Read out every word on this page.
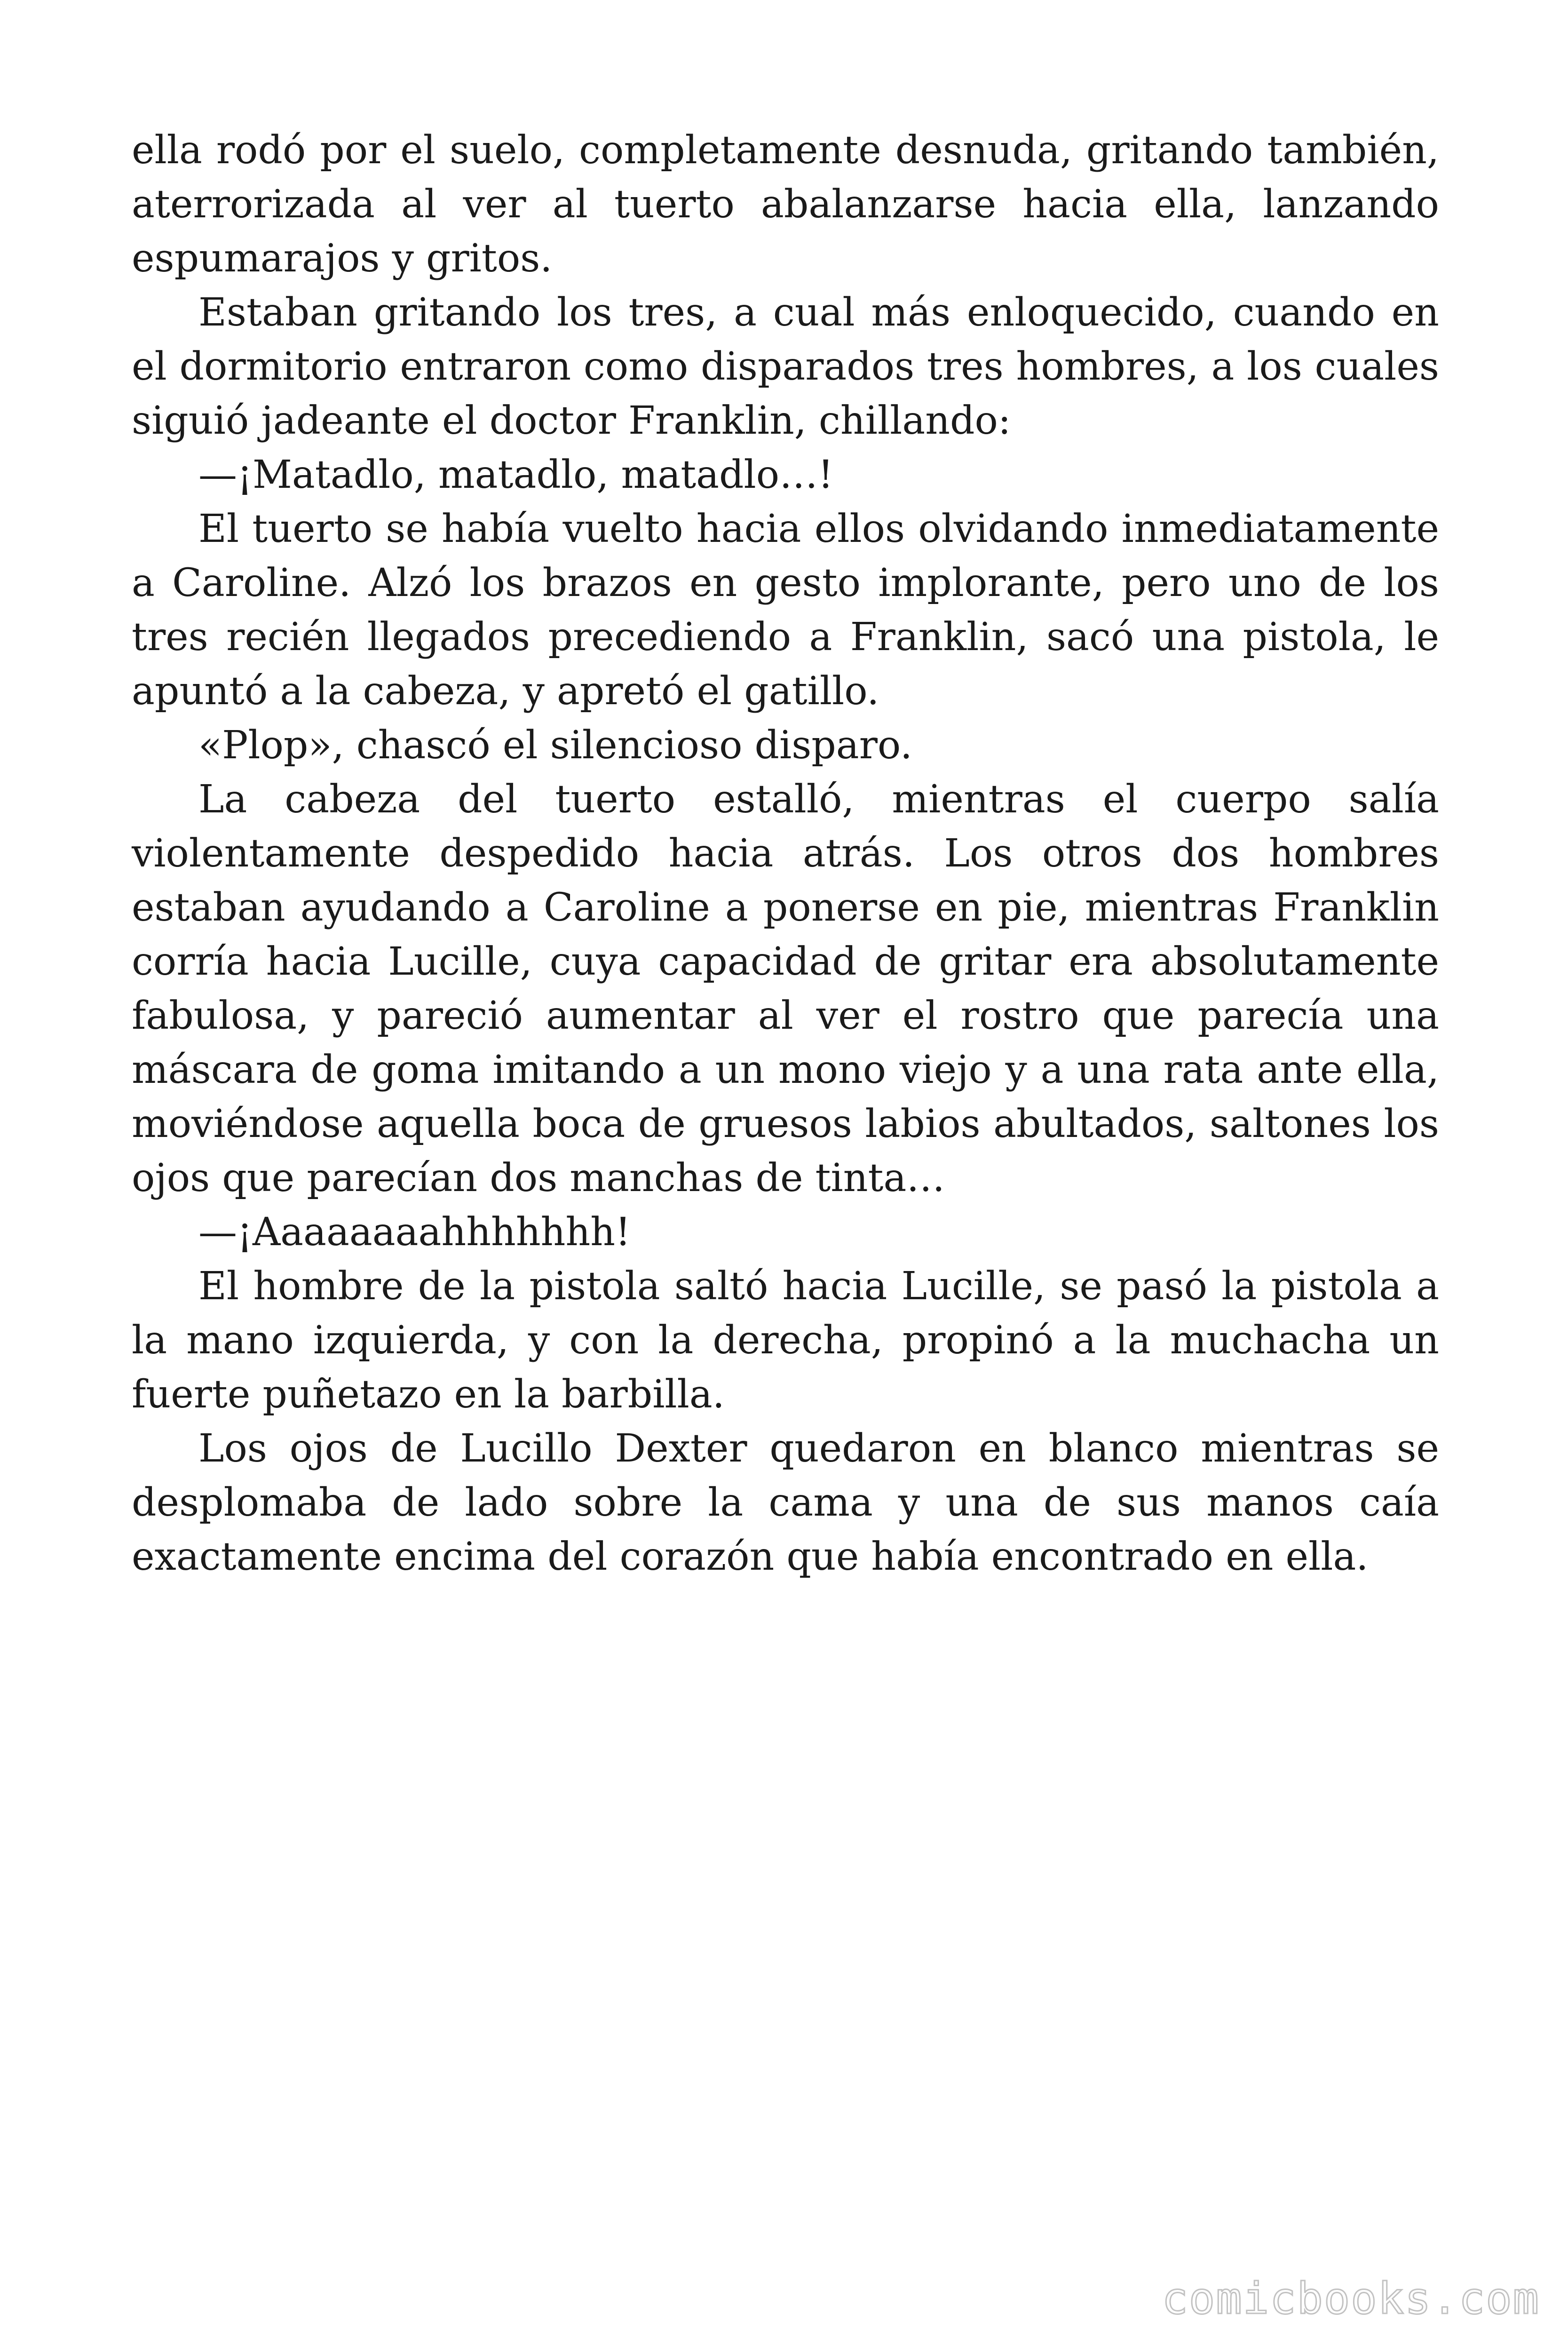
ella rodó por el suelo, completamente desnuda, gritando también, aterrorizada al ver al tuerto abalanzarse hacia ella, lanzando espumarajos y gritos.

Estaban gritando los tres, a cual más enloquecido, cuando en el dormitorio entraron como disparados tres hombres, a los cuales siguió jadeante el doctor Franklin, chillando:

—¡Matadlo, matadlo, matadlo…!

El tuerto se había vuelto hacia ellos olvidando inmediatamente a Caroline. Alzó los brazos en gesto implorante, pero uno de los tres recién llegados precediendo a Franklin, sacó una pistola, le apuntó a la cabeza, y apretó el gatillo.

«Plop», chascó el silencioso disparo.

La cabeza del tuerto estalló, mientras el cuerpo salía violentamente despedido hacia atrás. Los otros dos hombres estaban ayudando a Caroline a ponerse en pie, mientras Franklin corría hacia Lucille, cuya capacidad de gritar era absolutamente fabulosa, y pareció aumentar al ver el rostro que parecía una máscara de goma imitando a un mono viejo y a una rata ante ella, moviéndose aquella boca de gruesos labios abultados, saltones los ojos que parecían dos manchas de tinta…

—¡Aaaaaaaahhhhhhh!

El hombre de la pistola saltó hacia Lucille, se pasó la pistola a la mano izquierda, y con la derecha, propinó a la muchacha un fuerte puñetazo en la barbilla.

Los ojos de Lucillo Dexter quedaron en blanco mientras se desplomaba de lado sobre la cama y una de sus manos caía exactamente encima del corazón que había encontrado en ella.

comicbooks.com
